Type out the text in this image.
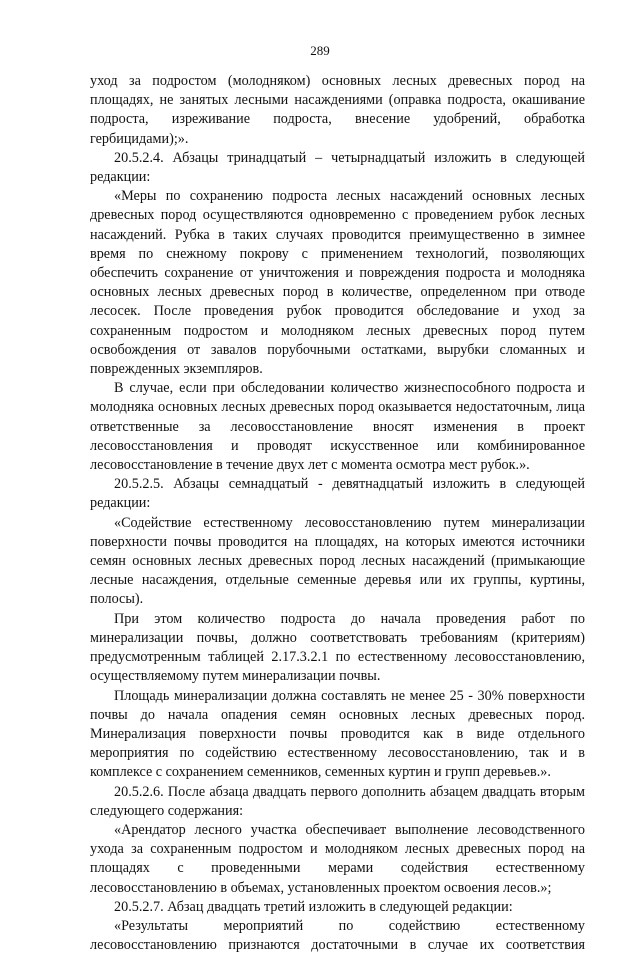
289

уход за подростом (молодняком) основных лесных древесных пород на площадях, не занятых лесными насаждениями (оправка подроста, окашивание подроста, изреживание подроста, внесение удобрений, обработка гербицидами);».

20.5.2.4. Абзацы тринадцатый – четырнадцатый изложить в следующей редакции:

«Меры по сохранению подроста лесных насаждений основных лесных древесных пород осуществляются одновременно с проведением рубок лесных насаждений. Рубка в таких случаях проводится преимущественно в зимнее время по снежному покрову с применением технологий, позволяющих обеспечить сохранение от уничтожения и повреждения подроста и молодняка основных лесных древесных пород в количестве, определенном при отводе лесосек. После проведения рубок проводится обследование и уход за сохраненным подростом и молодняком лесных древесных пород путем освобождения от завалов порубочными остатками, вырубки сломанных и поврежденных экземпляров.

В случае, если при обследовании количество жизнеспособного подроста и молодняка основных лесных древесных пород оказывается недостаточным, лица ответственные за лесовосстановление вносят изменения в проект лесовосстановления и проводят искусственное или комбинированное лесовосстановление в течение двух лет с момента осмотра мест рубок.».

20.5.2.5. Абзацы семнадцатый - девятнадцатый изложить в следующей редакции:

«Содействие естественному лесовосстановлению путем минерализации поверхности почвы проводится на площадях, на которых имеются источники семян основных лесных древесных пород лесных насаждений (примыкающие лесные насаждения, отдельные семенные деревья или их группы, куртины, полосы).

При этом количество подроста до начала проведения работ по минерализации почвы, должно соответствовать требованиям (критериям) предусмотренным таблицей 2.17.3.2.1 по естественному лесовосстановлению, осуществляемому путем минерализации почвы.

Площадь минерализации должна составлять не менее 25 - 30% поверхности почвы до начала опадения семян основных лесных древесных пород. Минерализация поверхности почвы проводится как в виде отдельного мероприятия по содействию естественному лесовосстановлению, так и в комплексе с сохранением семенников, семенных куртин и групп деревьев.».

20.5.2.6. После абзаца двадцать первого дополнить абзацем двадцать вторым следующего содержания:

«Арендатор лесного участка обеспечивает выполнение лесоводственного ухода за сохраненным подростом и молодняком лесных древесных пород на площадях с проведенными мерами содействия естественному лесовосстановлению в объемах, установленных проектом освоения лесов.»;

20.5.2.7. Абзац двадцать третий изложить в следующей редакции:

«Результаты мероприятий по содействию естественному лесовосстановлению признаются достаточными в случае их соответствия
